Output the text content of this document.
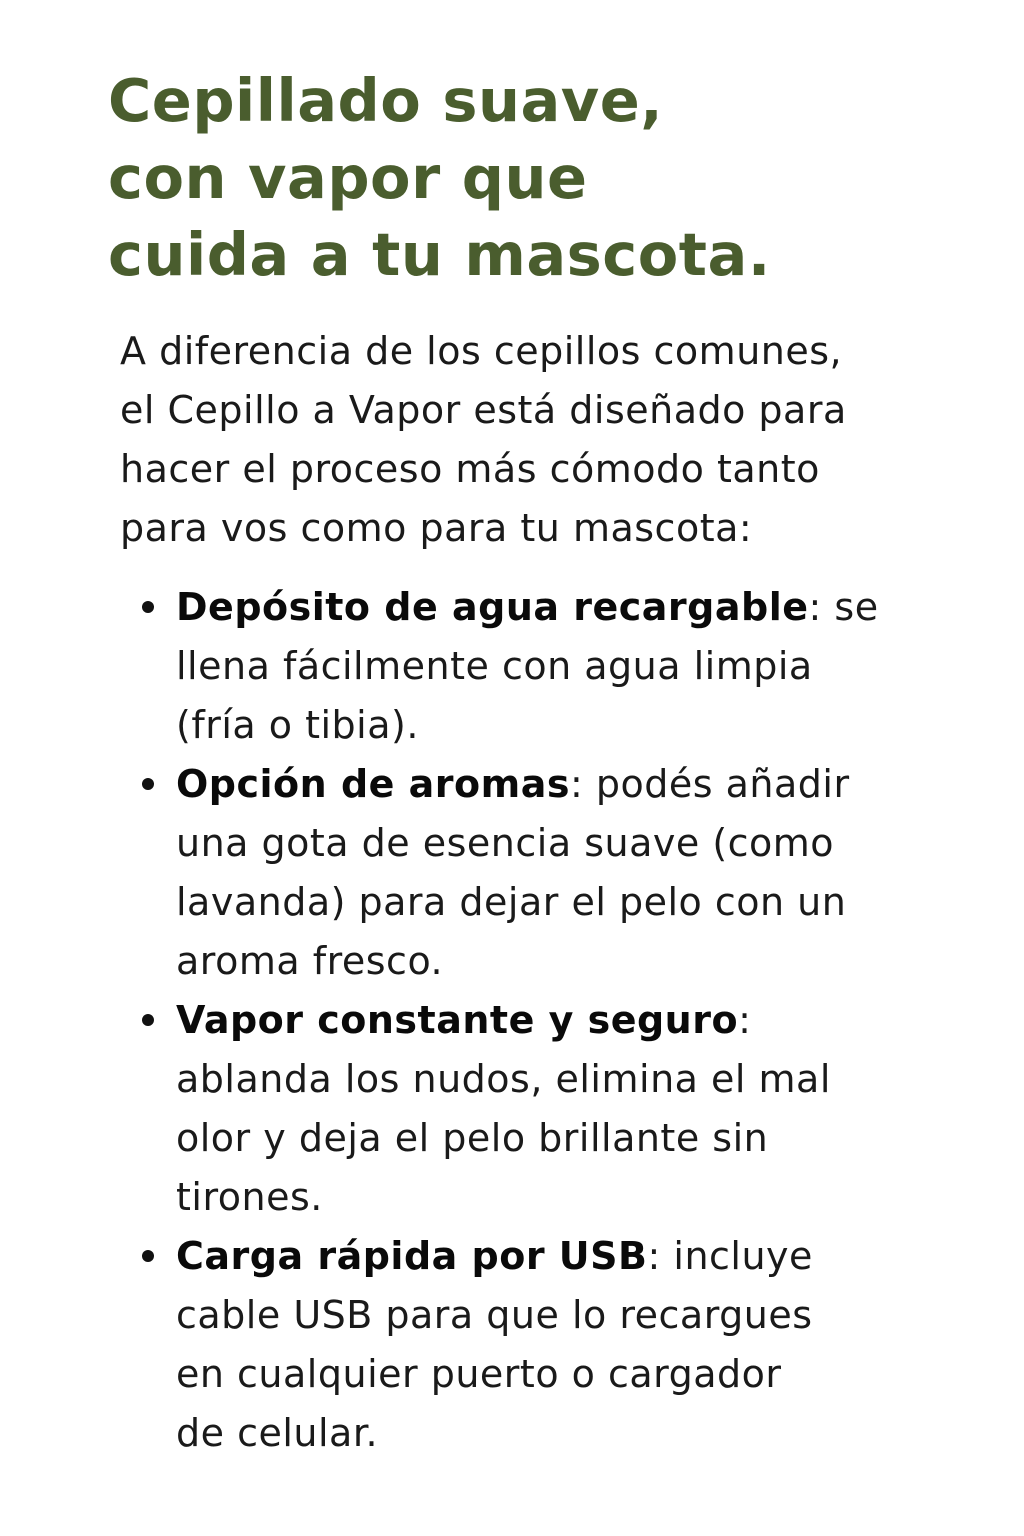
Cepillado suave,
con vapor que
cuida a tu mascota.

A diferencia de los cepillos comunes,
el Cepillo a Vapor está diseñado para
hacer el proceso más cómodo tanto
para vos como para tu mascota:

Depósito de agua recargable: se
llena fácilmente con agua limpia
(fría o tibia).
Opción de aromas: podés añadir
una gota de esencia suave (como
lavanda) para dejar el pelo con un
aroma fresco.
Vapor constante y seguro:
ablanda los nudos, elimina el mal
olor y deja el pelo brillante sin
tirones.
Carga rápida por USB: incluye
cable USB para que lo recargues
en cualquier puerto o cargador
de celular.
